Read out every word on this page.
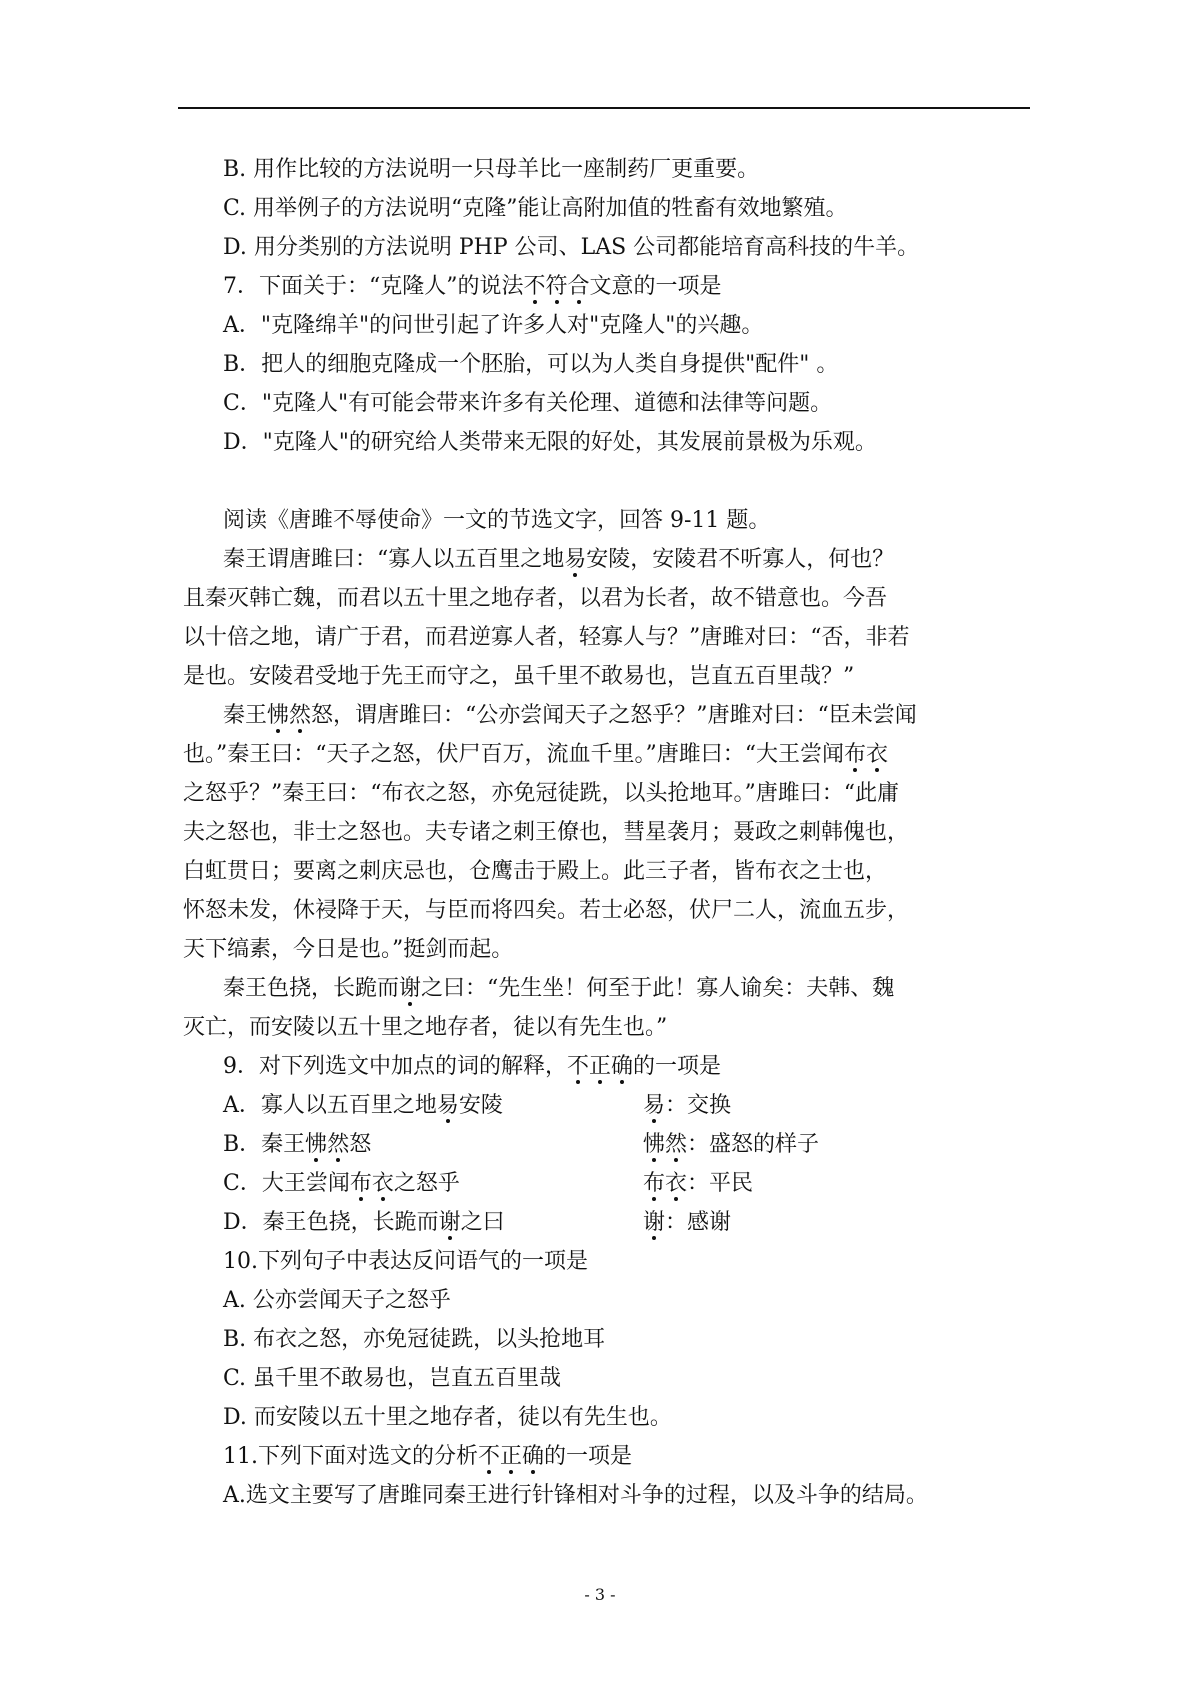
B. 用作比较的方法说明一只母羊比一座制药厂更重要。
C. 用举例子的方法说明“克隆”能让高附加值的牲畜有效地繁殖。
D. 用分类别的方法说明 PHP 公司、LAS 公司都能培育高科技的牛羊。
7．下面关于：“克隆人”的说法不符合文意的一项是
A．"克隆绵羊"的问世引起了许多人对"克隆人"的兴趣。
B．把人的细胞克隆成一个胚胎，可以为人类自身提供"配件" 。
C．"克隆人"有可能会带来许多有关伦理、道德和法律等问题。
D．"克隆人"的研究给人类带来无限的好处，其发展前景极为乐观。
阅读《唐雎不辱使命》一文的节选文字，回答 9-11 题。
秦王谓唐雎曰：“寡人以五百里之地易安陵，安陵君不听寡人，何也？
且秦灭韩亡魏，而君以五十里之地存者，以君为长者，故不错意也。今吾
以十倍之地，请广于君，而君逆寡人者，轻寡人与？”唐雎对曰：“否，非若
是也。安陵君受地于先王而守之，虽千里不敢易也，岂直五百里哉？”
秦王怫然怒，谓唐雎曰：“公亦尝闻天子之怒乎？”唐雎对曰：“臣未尝闻
也。”秦王曰：“天子之怒，伏尸百万，流血千里。”唐雎曰：“大王尝闻布衣
之怒乎？”秦王曰：“布衣之怒，亦免冠徒跣，以头抢地耳。”唐雎曰：“此庸
夫之怒也，非士之怒也。夫专诸之刺王僚也，彗星袭月；聂政之刺韩傀也，
白虹贯日；要离之刺庆忌也，仓鹰击于殿上。此三子者，皆布衣之士也，
怀怒未发，休祲降于天，与臣而将四矣。若士必怒，伏尸二人，流血五步，
天下缟素，今日是也。”挺剑而起。
秦王色挠，长跪而谢之曰：“先生坐！何至于此！寡人谕矣：夫韩、魏
灭亡，而安陵以五十里之地存者，徒以有先生也。”
9．对下列选文中加点的词的解释，不正确的一项是
A．寡人以五百里之地易安陵	易：交换
B．秦王怫然怒	怫然：盛怒的样子
C．大王尝闻布衣之怒乎	布衣：平民
D．秦王色挠，长跪而谢之曰	谢：感谢
10.下列句子中表达反问语气的一项是
A. 公亦尝闻天子之怒乎
B. 布衣之怒，亦免冠徒跣，以头抢地耳
C. 虽千里不敢易也，岂直五百里哉
D. 而安陵以五十里之地存者，徒以有先生也。
11.下列下面对选文的分析不正确的一项是
A.选文主要写了唐雎同秦王进行针锋相对斗争的过程，以及斗争的结局。
- 3 -
